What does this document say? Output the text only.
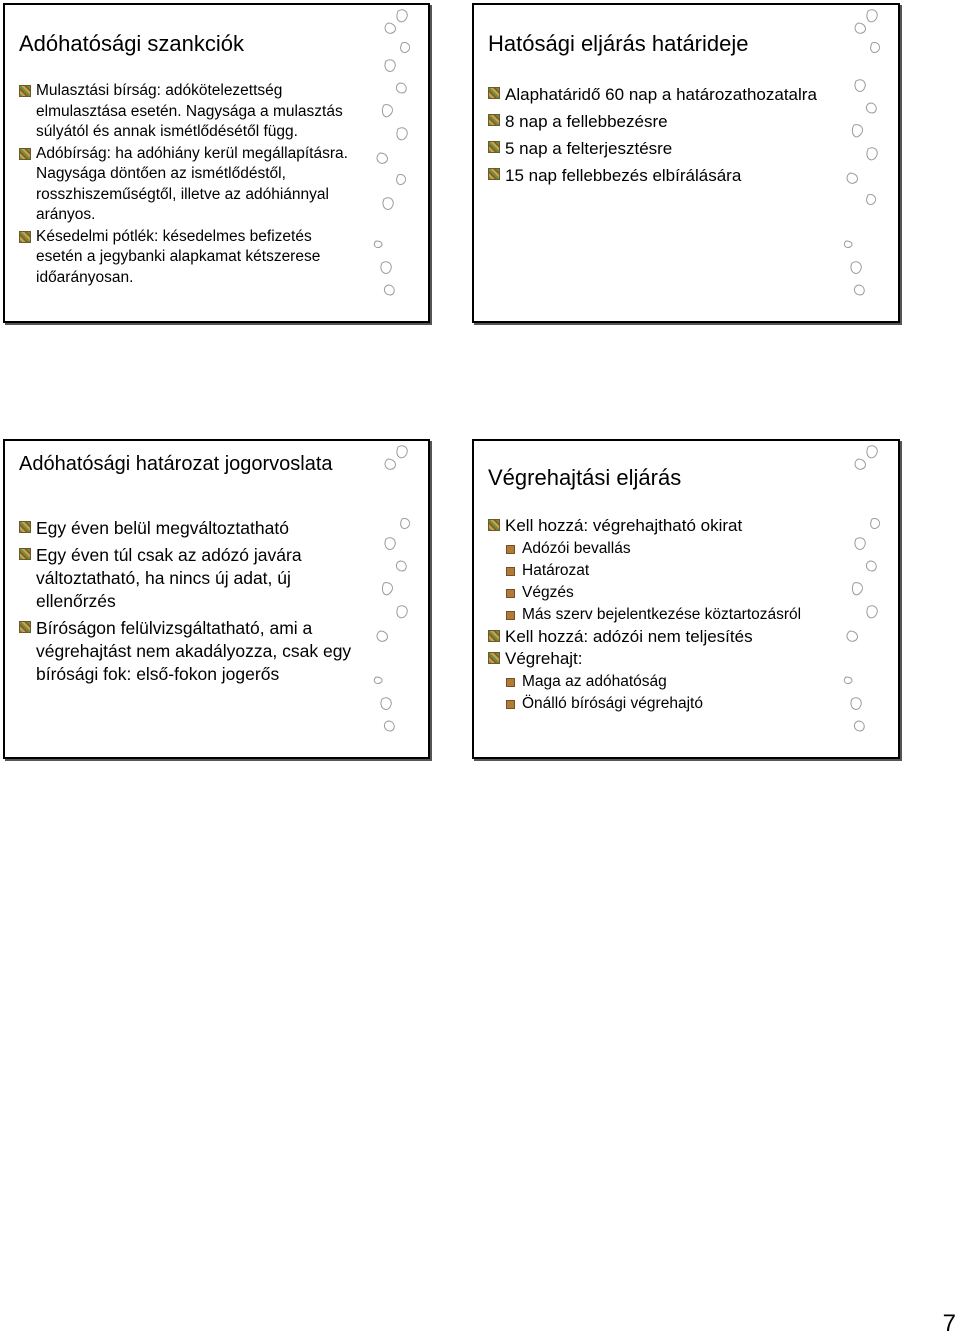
Adóhatósági szankciók
Mulasztási bírság: adókötelezettség elmulasztása esetén. Nagysága a mulasztás súlyától és annak ismétlődésétől függ.
Adóbírság: ha adóhiány kerül megállapításra. Nagysága döntően az ismétlődéstől, rosszhiszeműségtől, illetve az adóhiánnyal arányos.
Késedelmi pótlék: késedelmes befizetés esetén a jegybanki alapkamat kétszerese időarányosan.
Hatósági eljárás határideje
Alaphatáridő 60 nap a határozathozatalra
8 nap a fellebbezésre
5 nap a felterjesztésre
15 nap fellebbezés elbírálására
Adóhatósági határozat jogorvoslata
Egy éven belül megváltoztatható
Egy éven túl csak az adózó javára változtatható, ha nincs új adat, új ellenőrzés
Bíróságon felülvizsgáltatható, ami a végrehajtást nem akadályozza, csak egy bírósági fok: első-fokon jogerős
Végrehajtási eljárás
Kell hozzá: végrehajtható okirat
Adózói bevallás
Határozat
Végzés
Más szerv bejelentkezése köztartozásról
Kell hozzá: adózói nem teljesítés
Végrehajt:
Maga az adóhatóság
Önálló bírósági végrehajtó
7
